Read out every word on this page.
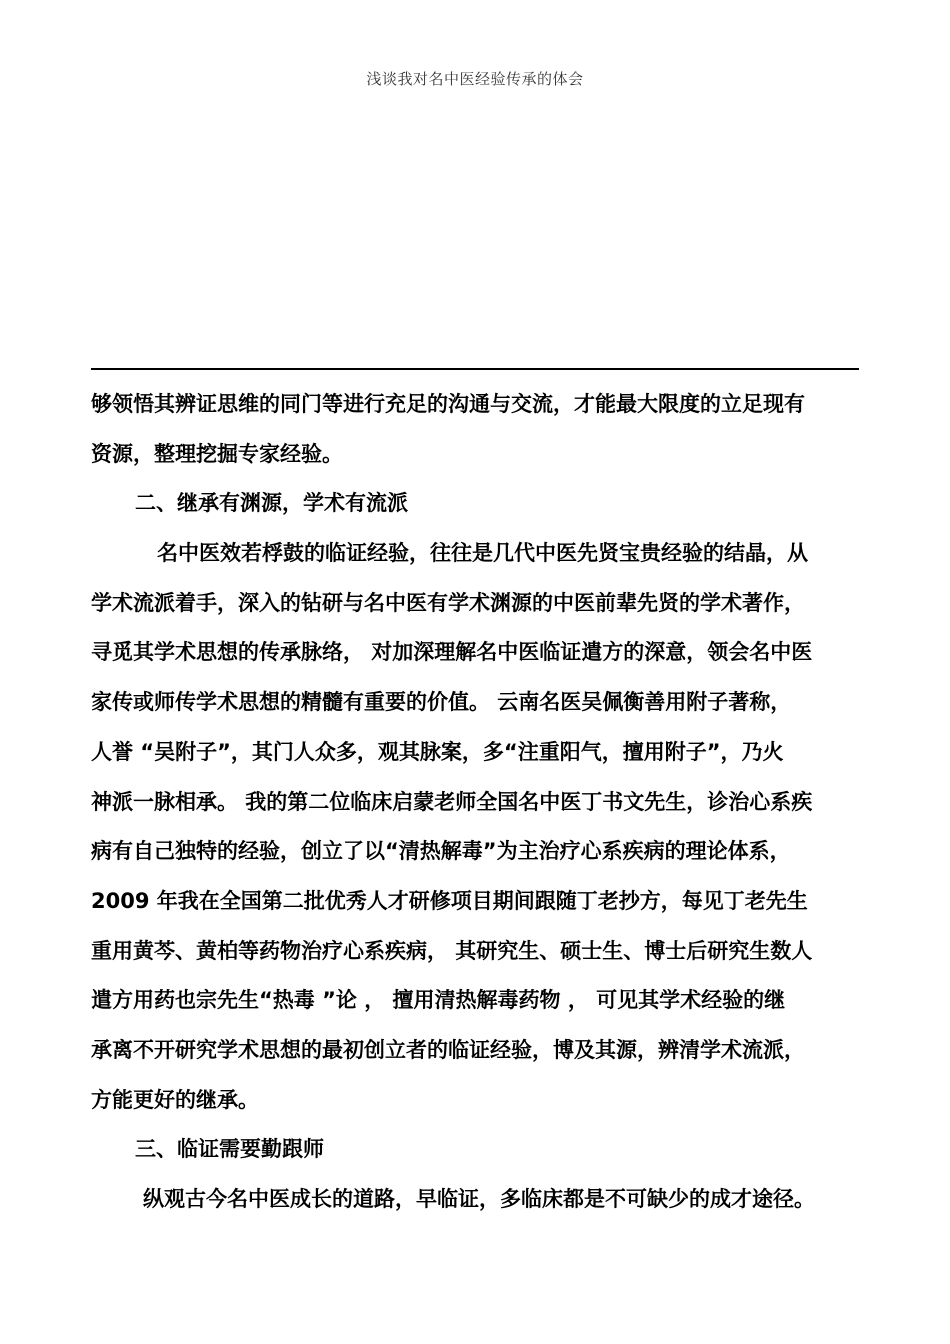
浅谈我对名中医经验传承的体会
够领悟其辨证思维的同门等进行充足的沟通与交流，才能最大限度的立足现有
资源，整理挖掘专家经验。
二、继承有渊源，学术有流派
名中医效若桴鼓的临证经验，往往是几代中医先贤宝贵经验的结晶，从
学术流派着手，深入的钻研与名中医有学术渊源的中医前辈先贤的学术著作，
寻觅其学术思想的传承脉络， 对加深理解名中医临证遣方的深意，领会名中医
家传或师传学术思想的精髓有重要的价值。 云南名医吴佩衡善用附子著称，
人誉 “吴附子”，其门人众多，观其脉案，多“注重阳气，擅用附子”，乃火
神派一脉相承。 我的第二位临床启蒙老师全国名中医丁书文先生，诊治心系疾
病有自己独特的经验，创立了以“清热解毒”为主治疗心系疾病的理论体系，
2009 年我在全国第二批优秀人才研修项目期间跟随丁老抄方，每见丁老先生
重用黄芩、黄柏等药物治疗心系疾病， 其研究生、硕士生、博士后研究生数人
遣方用药也宗先生“热毒 ”论 ， 擅用清热解毒药物 ， 可见其学术经验的继
承离不开研究学术思想的最初创立者的临证经验，博及其源，辨清学术流派，
方能更好的继承。
三、临证需要勤跟师
纵观古今名中医成长的道路，早临证，多临床都是不可缺少的成才途径。
